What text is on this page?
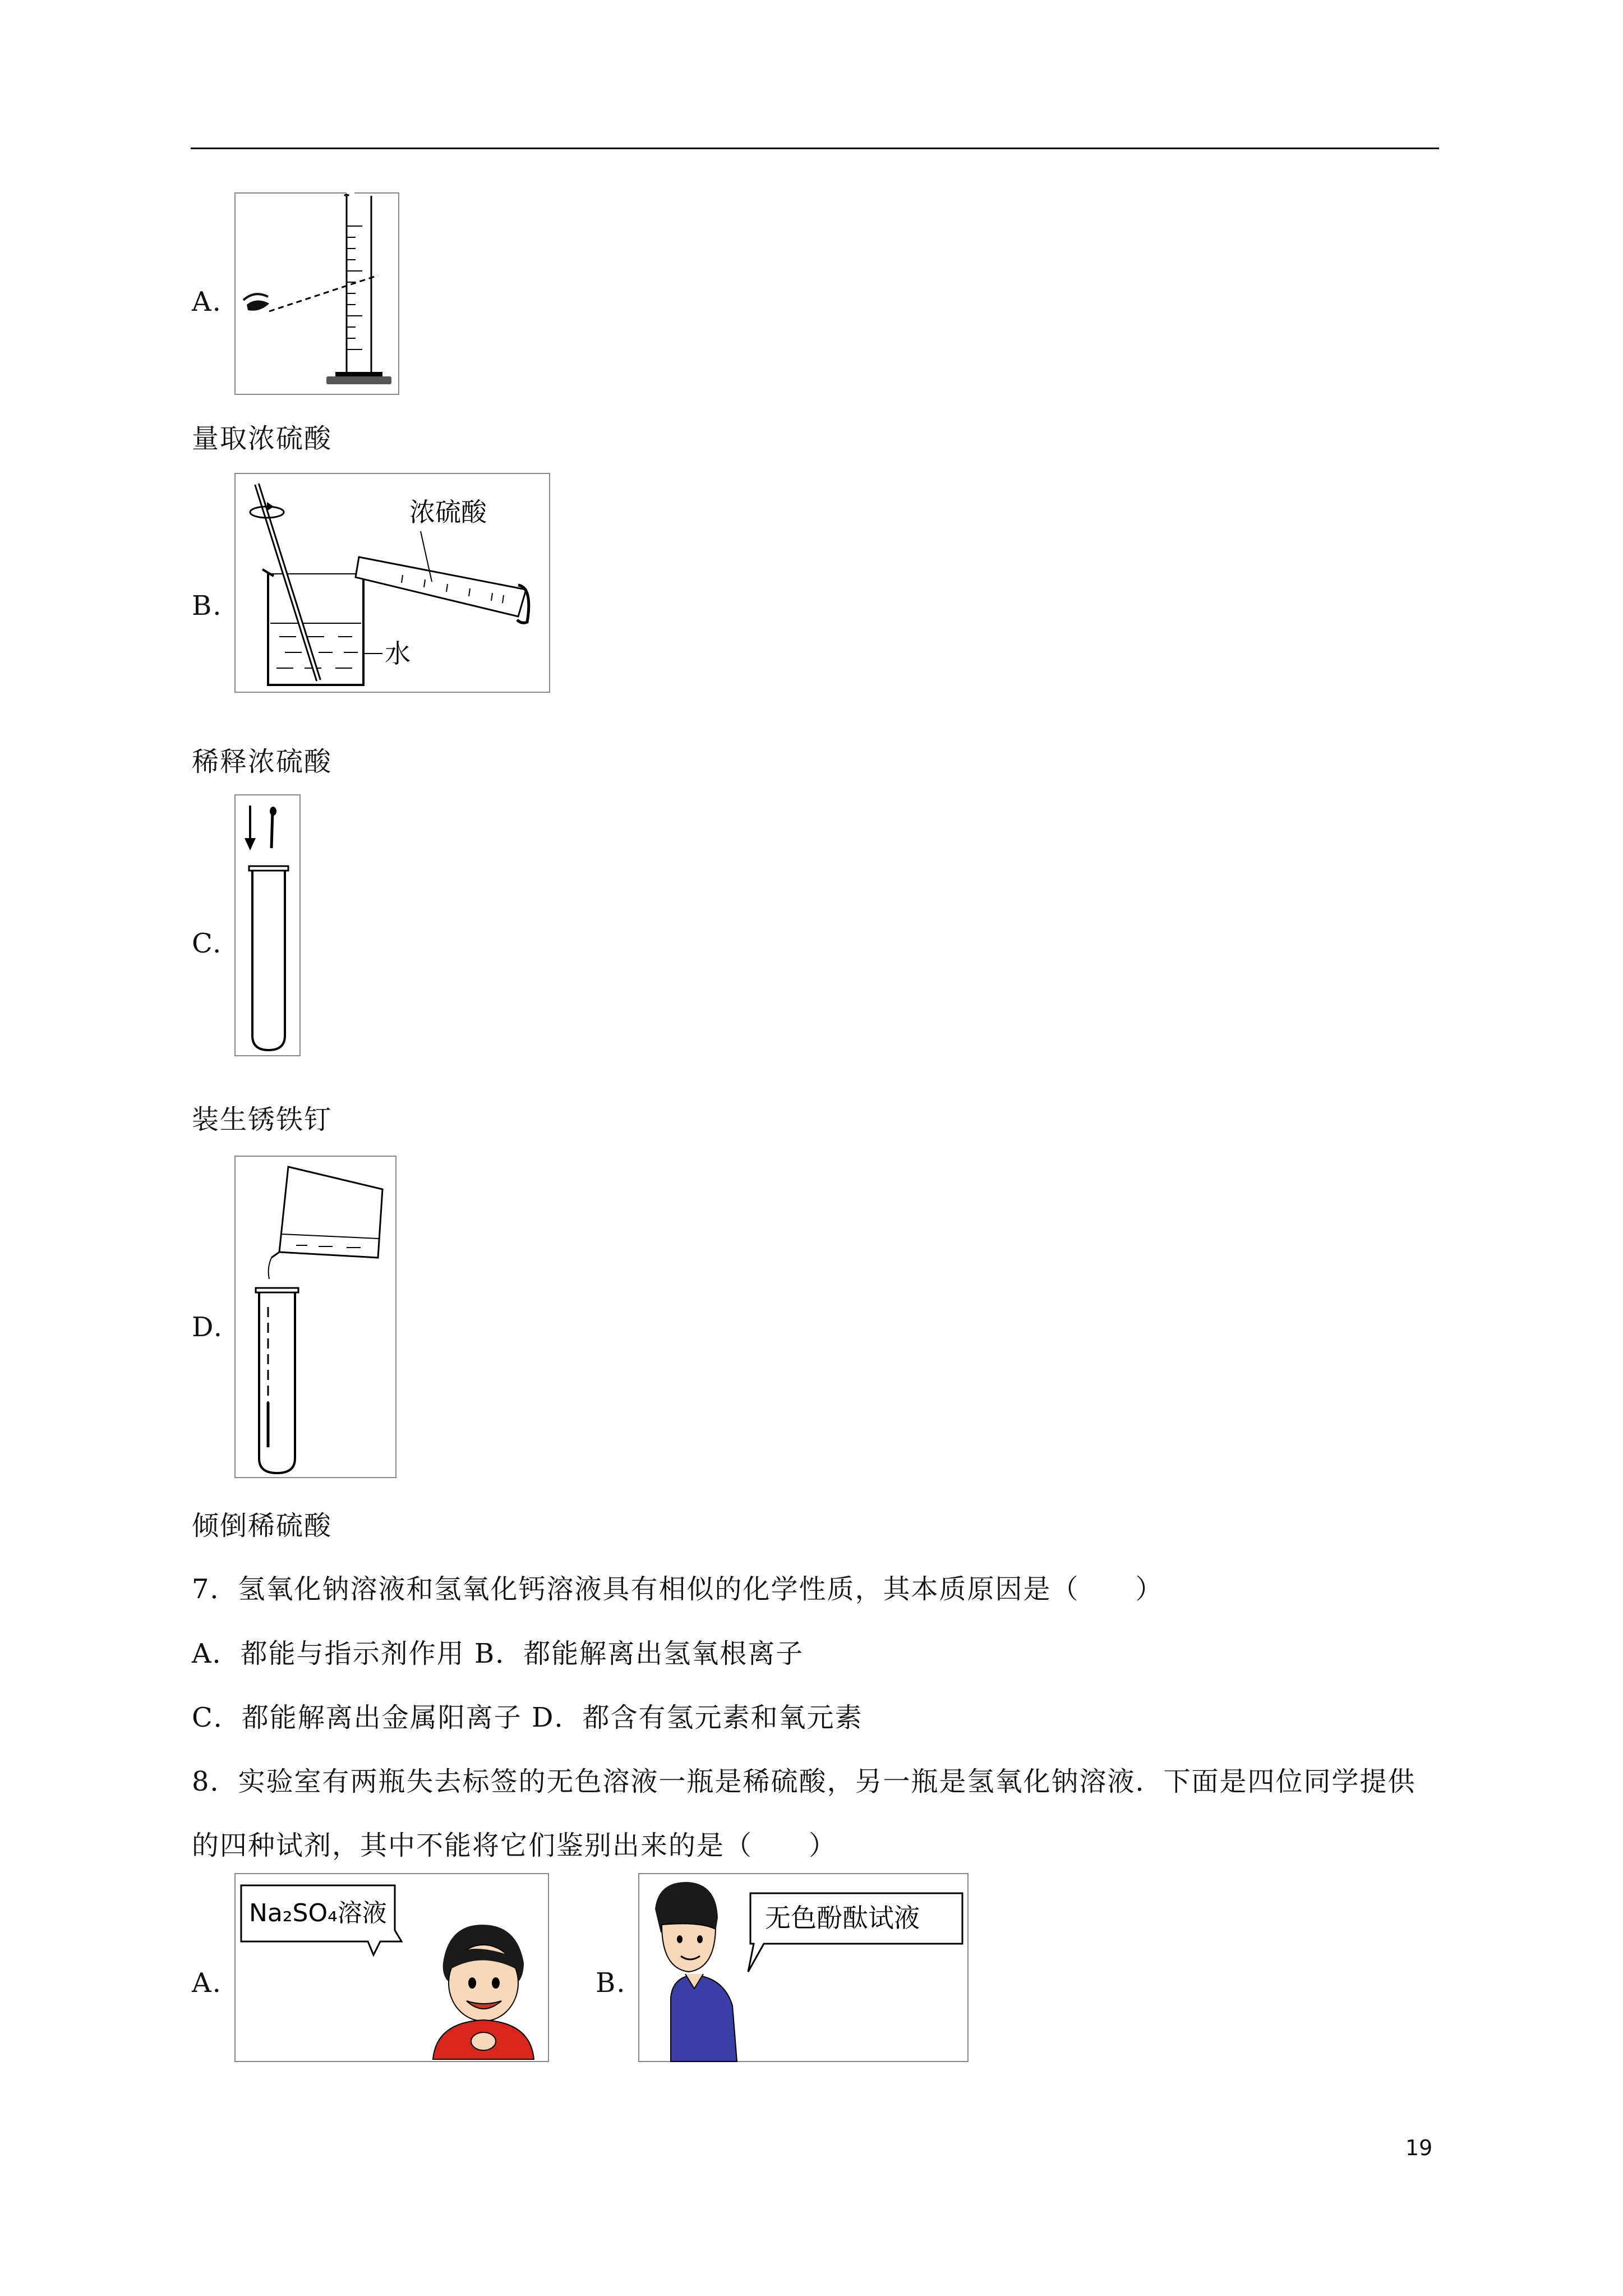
A.
量取浓硫酸
B.
浓硫酸
水
稀释浓硫酸
C.
装生锈铁钉
D.
倾倒稀硫酸
7．氢氧化钠溶液和氢氧化钙溶液具有相似的化学性质，其本质原因是（　　）
A．都能与指示剂作用 B．都能解离出氢氧根离子
C．都能解离出金属阳离子 D．都含有氢元素和氧元素
8．实验室有两瓶失去标签的无色溶液一瓶是稀硫酸，另一瓶是氢氧化钠溶液．下面是四位同学提供
的四种试剂，其中不能将它们鉴别出来的是（　　）
A.
Na₂SO₄溶液
B.
无色酚酞试液
19
